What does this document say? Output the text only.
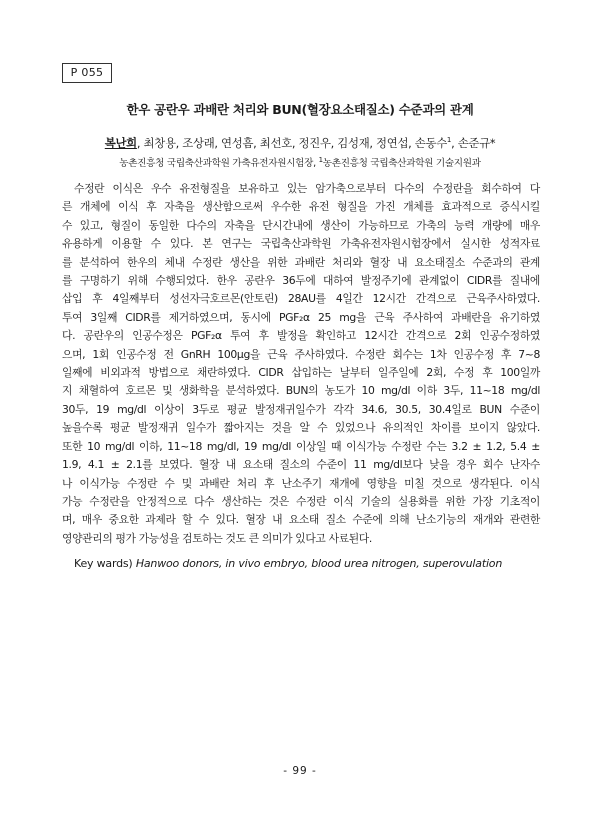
P 055
한우 공란우 과배란 처리와 BUN(혈장요소태질소) 수준과의 관계
복난희, 최창용, 조상래, 연성흠, 최선호, 정진우, 김성재, 정연섭, 손동수$^1$, 손준규*
농촌진흥청 국립축산과학원 가축유전자원시험장, $^1$농촌진흥청 국립축산과학원 기술지원과
수정란 이식은 우수 유전형질을 보유하고 있는 암가축으로부터 다수의 수정란을 회수하여 다
른 개체에 이식 후 자축을 생산함으로써 우수한 유전 형질을 가진 개체를 효과적으로 증식시킬
수 있고, 형질이 동일한 다수의 자축을 단시간내에 생산이 가능하므로 가축의 능력 개량에 매우
유용하게 이용할 수 있다. 본 연구는 국립축산과학원 가축유전자원시험장에서 실시한 성적자료
를 분석하여 한우의 체내 수정란 생산을 위한 과배란 처리와 혈장 내 요소태질소 수준과의 관계
를 구명하기 위해 수행되었다. 한우 공란우 36두에 대하여 발정주기에 관계없이 CIDR를 질내에
삽입 후 4일째부터 성선자극호르몬(안토린) 28AU를 4일간 12시간 간격으로 근육주사하였다.
투여 3일째 CIDR를 제거하였으며, 동시에 PGF₂α 25 mg을 근육 주사하여 과배란을 유기하였
다. 공란우의 인공수정은 PGF₂α 투여 후 발정을 확인하고 12시간 간격으로 2회 인공수정하였
으며, 1회 인공수정 전 GnRH 100μg을 근육 주사하였다. 수정란 회수는 1차 인공수정 후 7~8
일째에 비외과적 방법으로 채란하였다. CIDR 삽입하는 날부터 일주일에 2회, 수정 후 100일까
지 채혈하여 호르몬 및 생화학을 분석하였다. BUN의 농도가 10 mg/dl 이하 3두, 11~18 mg/dl
30두, 19 mg/dl 이상이 3두로 평균 발정재귀일수가 각각 34.6, 30.5, 30.4일로 BUN 수준이
높을수록 평균 발정재귀 일수가 짧아지는 것을 알 수 있었으나 유의적인 차이를 보이지 않았다.
또한 10 mg/dl 이하, 11~18 mg/dl, 19 mg/dl 이상일 때 이식가능 수정란 수는 3.2 ± 1.2, 5.4 ±
1.9, 4.1 ± 2.1를 보였다. 혈장 내 요소태 질소의 수준이 11 mg/dl보다 낮을 경우 회수 난자수
나 이식가능 수정란 수 및 과배란 처리 후 난소주기 재개에 영향을 미칠 것으로 생각된다. 이식
가능 수정란을 안정적으로 다수 생산하는 것은 수정란 이식 기술의 실용화를 위한 가장 기초적이
며, 매우 중요한 과제라 할 수 있다. 혈장 내 요소태 질소 수준에 의해 난소기능의 재개와 관련한
영양관리의 평가 가능성을 검토하는 것도 큰 의미가 있다고 사료된다.
Key wards) Hanwoo donors, in vivo embryo, blood urea nitrogen, superovulation
- 99 -
